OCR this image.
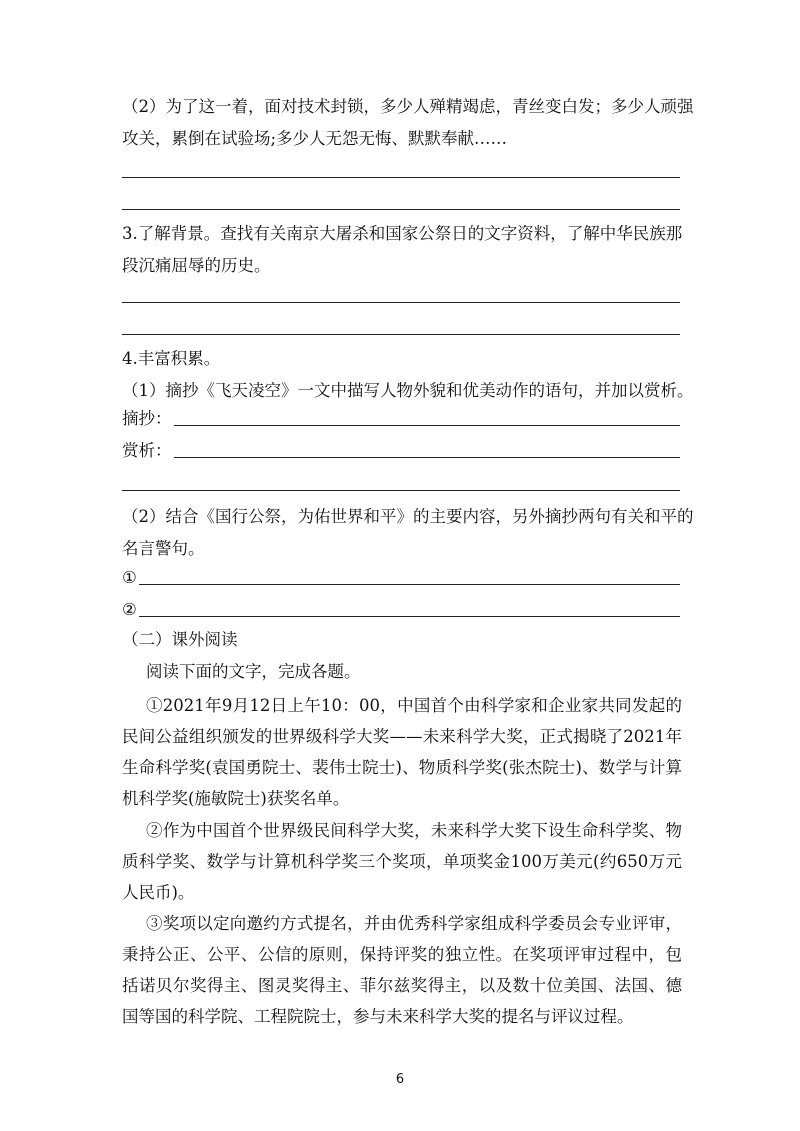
（2）为了这一着，面对技术封锁，多少人殚精竭虑，青丝变白发；多少人顽强
攻关，累倒在试验场;多少人无怨无悔、默默奉献……
3.了解背景。查找有关南京大屠杀和国家公祭日的文字资料，了解中华民族那
段沉痛屈辱的历史。
4.丰富积累。
（1）摘抄《飞天凌空》一文中描写人物外貌和优美动作的语句，并加以赏析。
摘抄：
赏析：
（2）结合《国行公祭，为佑世界和平》的主要内容，另外摘抄两句有关和平的
名言警句。
①
②
（二）课外阅读
阅读下面的文字，完成各题。
①2021年9月12日上午10：00，中国首个由科学家和企业家共同发起的民间公益组织颁发的世界级科学大奖——未来科学大奖，正式揭晓了2021年生命科学奖(袁国勇院士、裴伟士院士)、物质科学奖(张杰院士)、数学与计算机科学奖(施敏院士)获奖名单。
②作为中国首个世界级民间科学大奖，未来科学大奖下设生命科学奖、物质科学奖、数学与计算机科学奖三个奖项，单项奖金100万美元(约650万元人民币)。
③奖项以定向邀约方式提名，并由优秀科学家组成科学委员会专业评审，秉持公正、公平、公信的原则，保持评奖的独立性。在奖项评审过程中，包括诺贝尔奖得主、图灵奖得主、菲尔兹奖得主，以及数十位美国、法国、德国等国的科学院、工程院院士，参与未来科学大奖的提名与评议过程。
6
